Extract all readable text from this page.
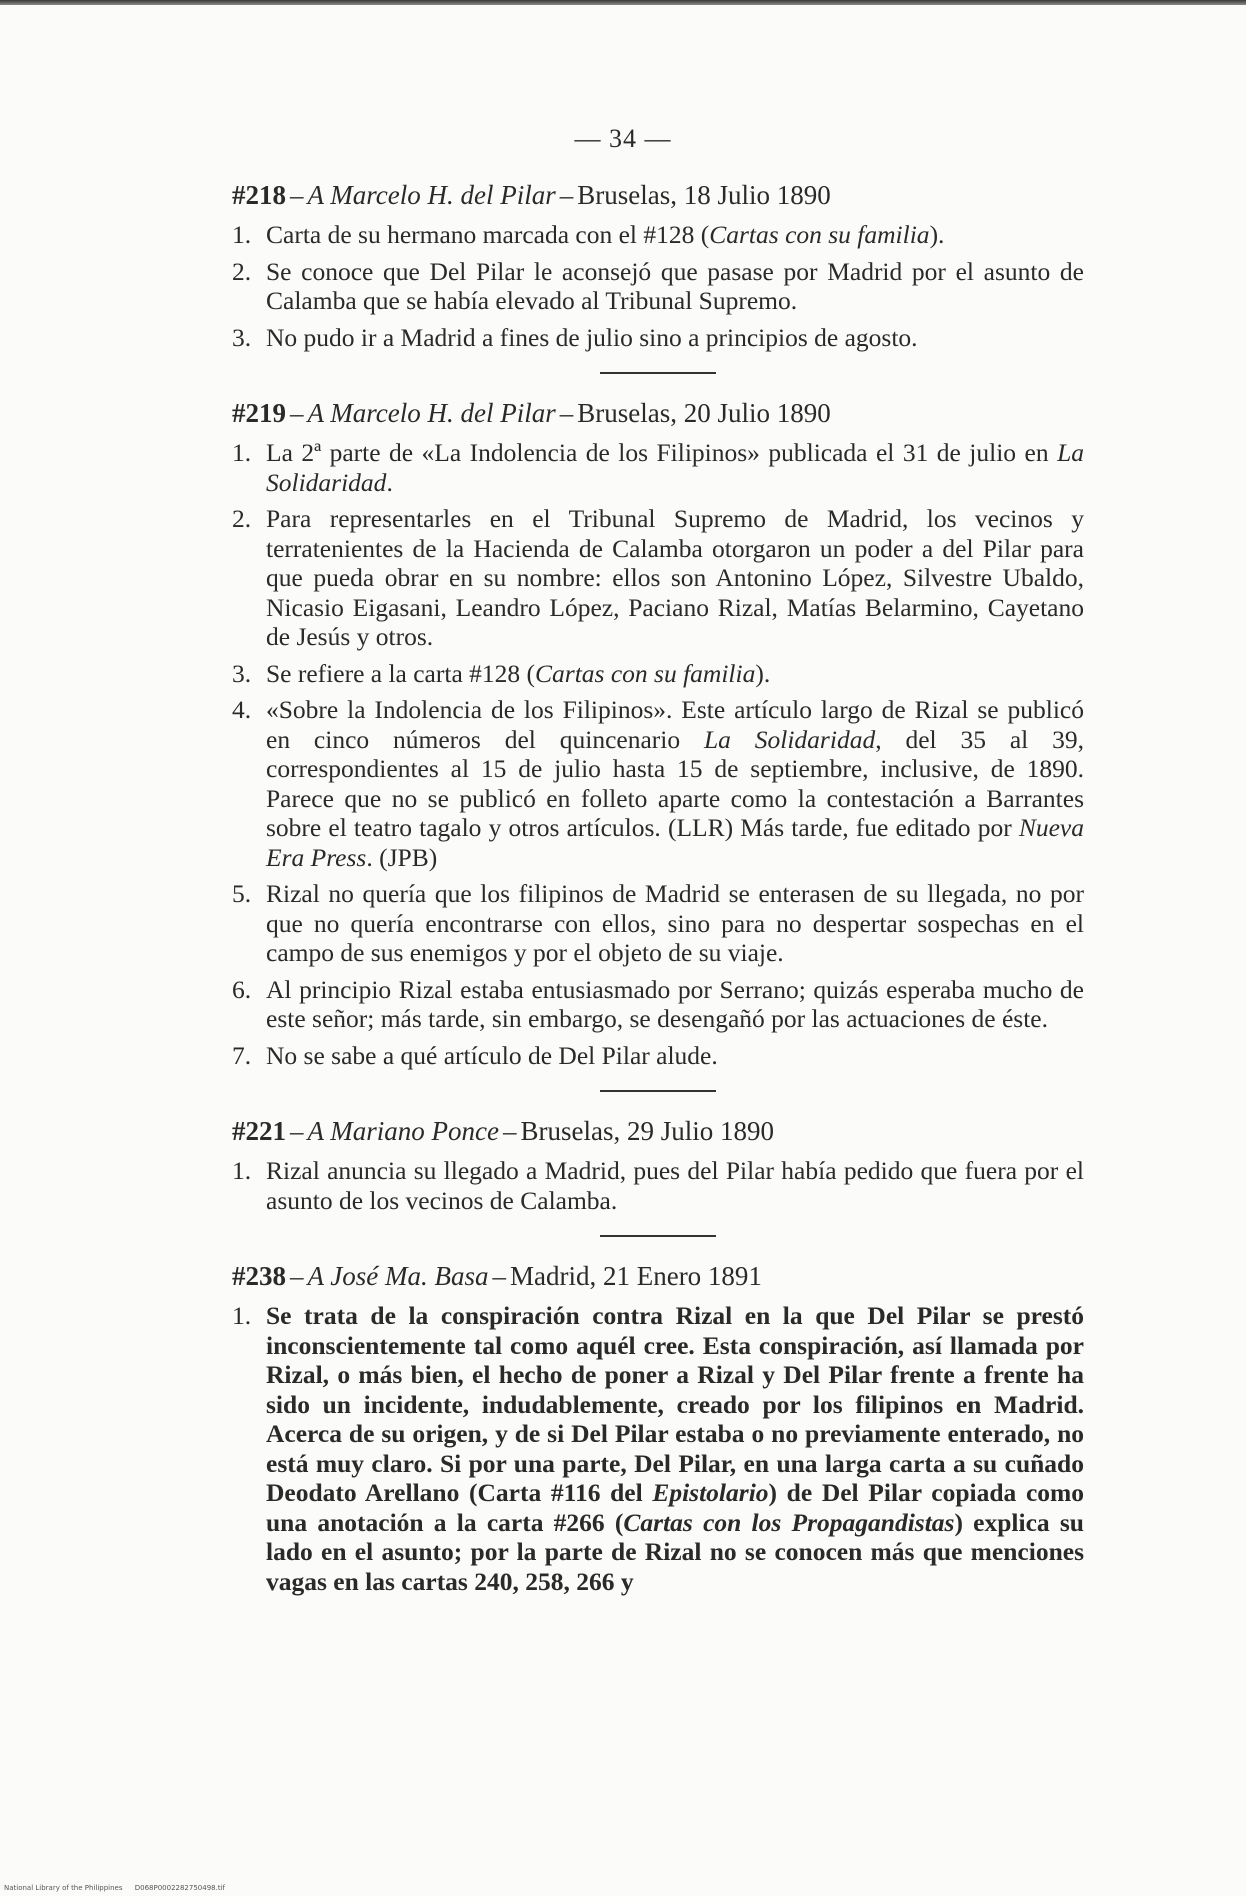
— 34 —
#218 – A Marcelo H. del Pilar – Bruselas, 18 Julio 1890
1. Carta de su hermano marcada con el #128 (Cartas con su familia).
2. Se conoce que Del Pilar le aconsejó que pasase por Madrid por el asunto de Calamba que se había elevado al Tribunal Supremo.
3. No pudo ir a Madrid a fines de julio sino a principios de agosto.
#219 – A Marcelo H. del Pilar – Bruselas, 20 Julio 1890
1. La 2ª parte de «La Indolencia de los Filipinos» publicada el 31 de julio en La Solidaridad.
2. Para representarles en el Tribunal Supremo de Madrid, los vecinos y terratenientes de la Hacienda de Calamba otorgaron un poder a del Pilar para que pueda obrar en su nombre: ellos son Antonino López, Silvestre Ubaldo, Nicasio Eigasani, Leandro López, Paciano Rizal, Matías Belarmino, Cayetano de Jesús y otros.
3. Se refiere a la carta #128 (Cartas con su familia).
4. «Sobre la Indolencia de los Filipinos». Este artículo largo de Rizal se publicó en cinco números del quincenario La Solidaridad, del 35 al 39, correspondientes al 15 de julio hasta 15 de septiembre, inclusive, de 1890. Parece que no se publicó en folleto aparte como la contestación a Barrantes sobre el teatro tagalo y otros artículos. (LLR) Más tarde, fue editado por Nueva Era Press. (JPB)
5. Rizal no quería que los filipinos de Madrid se enterasen de su llegada, no por que no quería encontrarse con ellos, sino para no despertar sospechas en el campo de sus enemigos y por el objeto de su viaje.
6. Al principio Rizal estaba entusiasmado por Serrano; quizás esperaba mucho de este señor; más tarde, sin embargo, se desengañó por las actuaciones de éste.
7. No se sabe a qué artículo de Del Pilar alude.
#221 – A Mariano Ponce – Bruselas, 29 Julio 1890
1. Rizal anuncia su llegado a Madrid, pues del Pilar había pedido que fuera por el asunto de los vecinos de Calamba.
#238 – A José Ma. Basa – Madrid, 21 Enero 1891
1. Se trata de la conspiración contra Rizal en la que Del Pilar se prestó inconscientemente tal como aquél cree. Esta conspiración, así llamada por Rizal, o más bien, el hecho de poner a Rizal y Del Pilar frente a frente ha sido un incidente, indudablemente, creado por los filipinos en Madrid. Acerca de su origen, y de si Del Pilar estaba o no previamente enterado, no está muy claro. Si por una parte, Del Pilar, en una larga carta a su cuñado Deodato Arellano (Carta #116 del Epistolario) de Del Pilar copiada como una anotación a la carta #266 (Cartas con los Propagandistas) explica su lado en el asunto; por la parte de Rizal no se conocen más que menciones vagas en las cartas 240, 258, 266 y
National Library of the Philippines D068P0002282750498.tif
